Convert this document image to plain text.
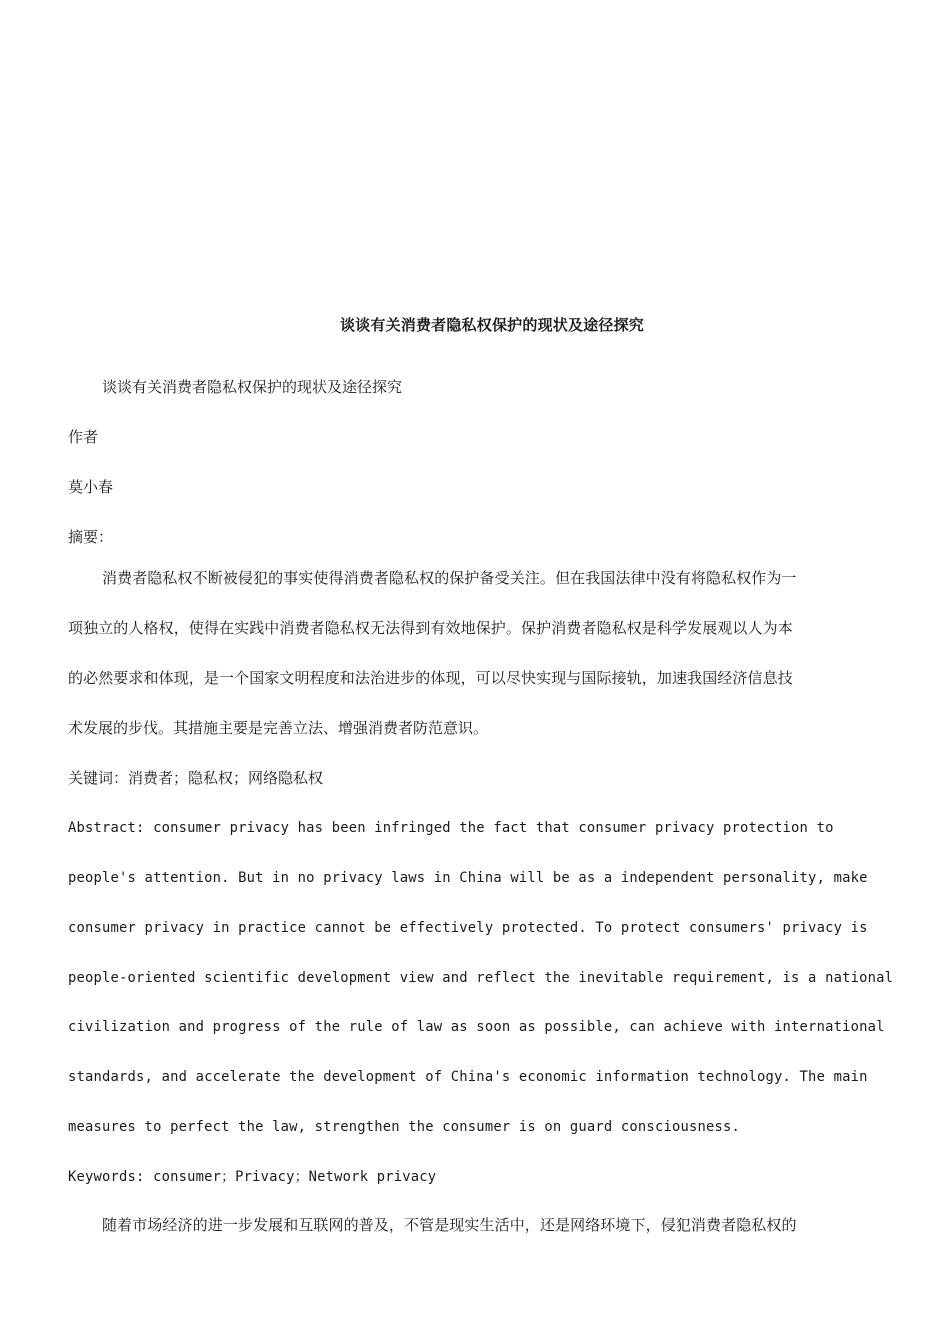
谈谈有关消费者隐私权保护的现状及途径探究
谈谈有关消费者隐私权保护的现状及途径探究
作者
莫小春
摘要：
消费者隐私权不断被侵犯的事实使得消费者隐私权的保护备受关注。但在我国法律中没有将隐私权作为一
项独立的人格权，使得在实践中消费者隐私权无法得到有效地保护。保护消费者隐私权是科学发展观以人为本
的必然要求和体现，是一个国家文明程度和法治进步的体现，可以尽快实现与国际接轨，加速我国经济信息技
术发展的步伐。其措施主要是完善立法、增强消费者防范意识。
关键词：消费者；隐私权；网络隐私权
Abstract: consumer privacy has been infringed the fact that consumer privacy protection to
people's attention. But in no privacy laws in China will be as a independent personality, make
consumer privacy in practice cannot be effectively protected. To protect consumers' privacy is
people-oriented scientific development view and reflect the inevitable requirement, is a national
civilization and progress of the rule of law as soon as possible, can achieve with international
standards, and accelerate the development of China's economic information technology. The main
measures to perfect the law, strengthen the consumer is on guard consciousness.
Keywords: consumer；Privacy；Network privacy
随着市场经济的进一步发展和互联网的普及，不管是现实生活中，还是网络环境下，侵犯消费者隐私权的
